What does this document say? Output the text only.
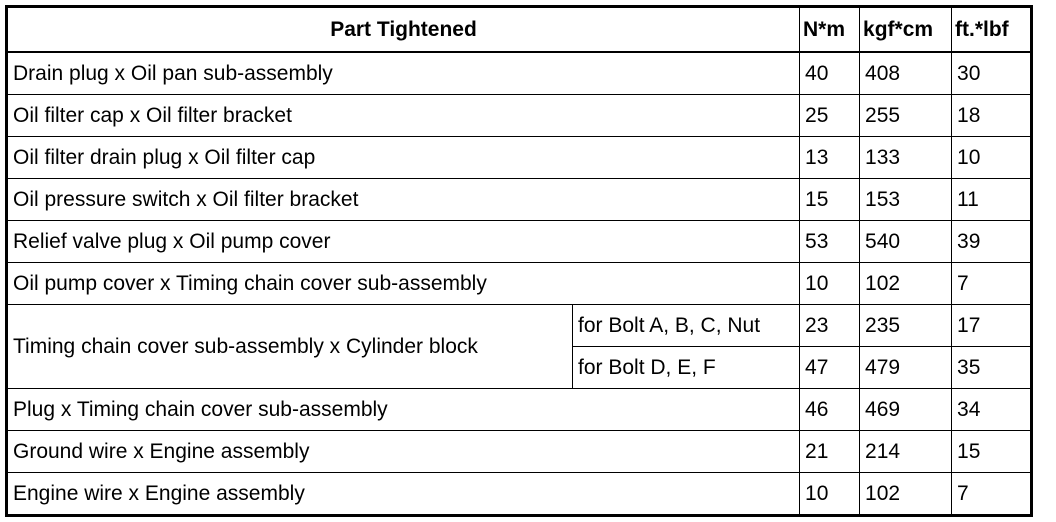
Part Tightened		N*m	kgf*cm	ft.*lbf
Drain plug x Oil pan sub-assembly		40	408	30
Oil filter cap x Oil filter bracket		25	255	18
Oil filter drain plug x Oil filter cap		13	133	10
Oil pressure switch x Oil filter bracket		15	153	11
Relief valve plug x Oil pump cover		53	540	39
Oil pump cover x Timing chain cover sub-assembly		10	102	7
Timing chain cover sub-assembly x Cylinder block	for Bolt A, B, C, Nut	23	235	17
	for Bolt D, E, F	47	479	35
Plug x Timing chain cover sub-assembly		46	469	34
Ground wire x Engine assembly		21	214	15
Engine wire x Engine assembly		10	102	7
